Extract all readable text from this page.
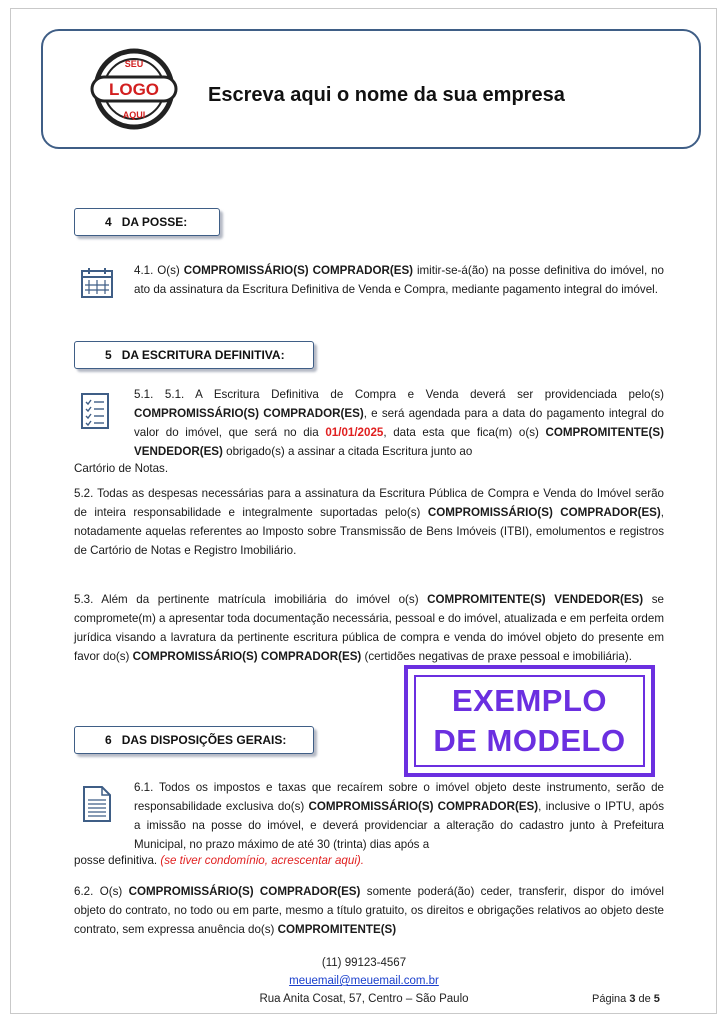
LOGO
SEU
AQUI
Escreva aqui o nome da sua empresa
4 DA POSSE:
4.1. O(s) COMPROMISSÁRIO(S) COMPRADOR(ES) imitir-se-á(ão) na posse definitiva do imóvel, no ato da assinatura da Escritura Definitiva de Venda e Compra, mediante pagamento integral do imóvel.
5 DA ESCRITURA DEFINITIVA:
5.1. 5.1. A Escritura Definitiva de Compra e Venda deverá ser providenciada pelo(s) COMPROMISSÁRIO(S) COMPRADOR(ES), e será agendada para a data do pagamento integral do valor do imóvel, que será no dia 01/01/2025, data esta que fica(m) o(s) COMPROMITENTE(S) VENDEDOR(ES) obrigado(s) a assinar a citada Escritura junto ao
Cartório de Notas.
5.2. Todas as despesas necessárias para a assinatura da Escritura Pública de Compra e Venda do Imóvel serão de inteira responsabilidade e integralmente suportadas pelo(s) COMPROMISSÁRIO(S) COMPRADOR(ES), notadamente aquelas referentes ao Imposto sobre Transmissão de Bens Imóveis (ITBI), emolumentos e registros de Cartório de Notas e Registro Imobiliário.
5.3. Além da pertinente matrícula imobiliária do imóvel o(s) COMPROMITENTE(S) VENDEDOR(ES) se compromete(m) a apresentar toda documentação necessária, pessoal e do imóvel, atualizada e em perfeita ordem jurídica visando a lavratura da pertinente escritura pública de compra e venda do imóvel objeto do presente em favor do(s) COMPROMISSÁRIO(S) COMPRADOR(ES) (certidões negativas de praxe pessoal e imobiliária).
6 DAS DISPOSIÇÕES GERAIS:
6.1. Todos os impostos e taxas que recaírem sobre o imóvel objeto deste instrumento, serão de responsabilidade exclusiva do(s) COMPROMISSÁRIO(S) COMPRADOR(ES), inclusive o IPTU, após a imissão na posse do imóvel, e deverá providenciar a alteração do cadastro junto à Prefeitura Municipal, no prazo máximo de até 30 (trinta) dias após a
posse definitiva. (se tiver condomínio, acrescentar aqui).
6.2. O(s) COMPROMISSÁRIO(S) COMPRADOR(ES) somente poderá(ão) ceder, transferir, dispor do imóvel objeto do contrato, no todo ou em parte, mesmo a título gratuito, os direitos e obrigações relativos ao objeto deste contrato, sem expressa anuência do(s) COMPROMITENTE(S)
EXEMPLO
DE MODELO
(11) 99123-4567
meuemail@meuemail.com.br
Rua Anita Cosat, 57, Centro – São Paulo	Página 3 de 5
